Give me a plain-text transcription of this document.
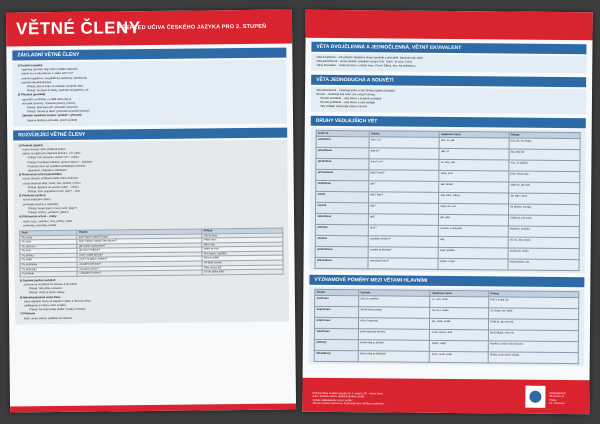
VĚTNÉ ČLENY
PŘEHLED UČIVA ČESKÉHO JAZYKA PRO 2. STUPEŇ
ZÁKLADNÍ VĚTNÉ ČLENY
1) Podmět (subjekt)
vyjadřuje původce děje nebo nositele vlastnosti
ptáme se na něj otázkou 1. pádu: kdo? co?
podmět vyjádřený, nevyjádřený (zamlčený, všeobecný)
podmět několikanásobný
Příklad: Děti si hrály na zahradě. (podmět: děti)
Příklad: Šel jsem do školy. (podmět nevyjádřený: já)
2) Přísudek (predikát)
vypovídá o podmětu, co dělá nebo jaký je
přísudek slovesný, slovesně-jmenný, jmenný
Příklad: Maminka vaří. (přísudek slovesný)
Příklad: Tatínek je lékař. (přísudek slovesně-jmenný)
Základní skladební dvojice: podmět + přísudek
Nejprve hledáme přísudek, potom podmět
ROZVÍJEJÍCÍ VĚTNÉ ČLENY
1) Předmět (objekt)
rozvíjí sloveso nebo přídavné jméno
ptáme se pádovými otázkami kromě 1. a 5. pádu
Příklad: Petr čte knihu. (koho? co? – knihu)
Příklad: Pomáhám babičce. (komu? čemu? – babičce)
Předmět může být vyjádřen podstatným jménem,
zájmenem, číslovkou i infinitivem
2) Příslovečné určení (adverbiále)
rozvíjí sloveso, přídavné jméno nebo příslovce
určuje okolnosti děje: místo, čas, způsob, příčinu
Příklad: Bydlíme na vesnici. (kde? – místo)
Příklad: Zítra pojedeme k moři. (kdy? – čas)
3) Přívlastek (atribut)
rozvíjí podstatné jméno
přívlastek shodný a neshodný
Příklad: Koupil jsem si nový svetr. (jaký?)
Příklad: Kniha o zvířatech. (jaká?)
4) Příslovečné určení – druhy
místa, času, způsobu, míry, příčiny, účelu
podmínky, přípustky, zřetele
Druh	Otázka	Příklad
Pu místa	kde? kam? odkud? kudy?	Jdu do lesa.
Pu času	kdy? odkdy? dokdy? jak dlouho?	Přijdu ráno.
Pu způsobu	jak? jakým způsobem?	Mluví tiše.
Pu míry	jak moc? kolikrát?	Velmi se bojí.
Pu příčiny	proč? z jaké příčiny?	Pro nemoc nepřišel.
Pu účelu	proč? za jakým účelem?	Šel pro chléb.
Pu podmínky	za jaké podmínky?	Při dešti zůstaň.
Pu přípustky	navzdory čemu?	Přes únavu šel.
Pu zřetele	vzhledem k čemu?	Co do výšky stačí.
5) Doplněk (atribut verbální)
vztahuje se současně ke slovesu a ke jménu
Příklad: Děti přišly unavené.
Příklad: Vrátil se domů zdravý.
6) Několikanásobné větné členy
členy stejného druhu ve stejném vztahu k řídícímu členu
oddělujeme je čárkou nebo spojkou
Příklad: Na stole ležely jablka, hrušky a švestky.
7) Přístavek
bližší určení jména, odděluje se čárkami
VĚTA DVOJČLENNÁ A JEDNOČLENNÁ, VĚTNÝ EKVIVALENT
Věta dvojčlenná – má základní skladební dvojici (podmět a přísudek): Maminka vaří oběd.
Věta jednočlenná – nemá základní skladební dvojici: Prší. Sněží. Je zima. Ticho!
Větný ekvivalent – nemá sloveso v určitém tvaru: Pozor! Děkuji. Ano. Na shledanou.
VĚTA JEDNODUCHÁ A SOUVĚTÍ
Věta jednoduchá – obsahuje jedno určité sloveso (jeden přísudek).
Souvětí – obsahuje dvě nebo více určitých sloves.
Souvětí souřadné – věty hlavní a spojené souřadně
Souvětí podřadné – věta hlavní a věta vedlejší
Věty vedlejší odpovídají větným členům
DRUHY VEDLEJŠÍCH VĚT
Druh VV	Otázka	Spojovací výraz	Příklad
podmětná	kdo? co?	kdo, co, jak	Kdo lže, ten krade.
přísudková	jaký je?	jaký, čí	Byl, jaký byl.
předmětná	koho? co?	že, aby, zda	Vím, že přijdeš.
přívlastková	jaký? který?	který, jenž	Dům, který stojí...
doplňková	jak?	jak, kterak	Viděl ho, jak běží.
místní	kde? kam?	kde, kam, odkud	Jdi, kam chceš.
časová	kdy?	když, až, než	Až přijdeš, zavolej.
způsobová	jak?	jak, jako	Udělej to, jak umíš.
příčinná	proč?	protože, poněvadž	Nepřišel, protože...
účelová	za jakým účelem?	aby	Učí se, aby uspěl.
podmínková	za jaké podmínky?	když, jestliže	Jestli prší, nejdu.
přípustková	navzdory čemu?	ačkoli, i když	Ačkoli pršelo, šel.
VÝZNAMOVÉ POMĚRY MEZI VĚTAMI HLAVNÍMI
Poměr	Význam	Spojovací výraz	Příklad
slučovací	věty se doplňují	a, i, ani, nebo	Prší a fouká vítr.
stupňovací	druhá věta zesiluje	ba, ba i, nadto	Je chytrý, ba i pilný.
odporovací	věty si odporují	ale, však, avšak	Chtěl jít, ale nemohl.
vylučovací	jedna vylučuje druhou	nebo, anebo, buď	Buď půjdeš, nebo ne.
příčinný	druhá věta je příčina	neboť, vždyť	Nepřišel, neboť byl nemocen.
důsledkový	druhá věta je důsledek	proto, tudíž, a tak	Pršelo, proto jsme zůstali.
Přehled učiva českého jazyka pro 2. stupeň ZŠ – Větné členy
Autor: kolektiv autorů, grafická úprava: studio
Vydalo nakladatelství, první vydání
Všechna práva vyhrazena. Kopírování bez souhlasu zakázáno.
Nakladatelství
Obchodní 12
Praha
tel. informace
